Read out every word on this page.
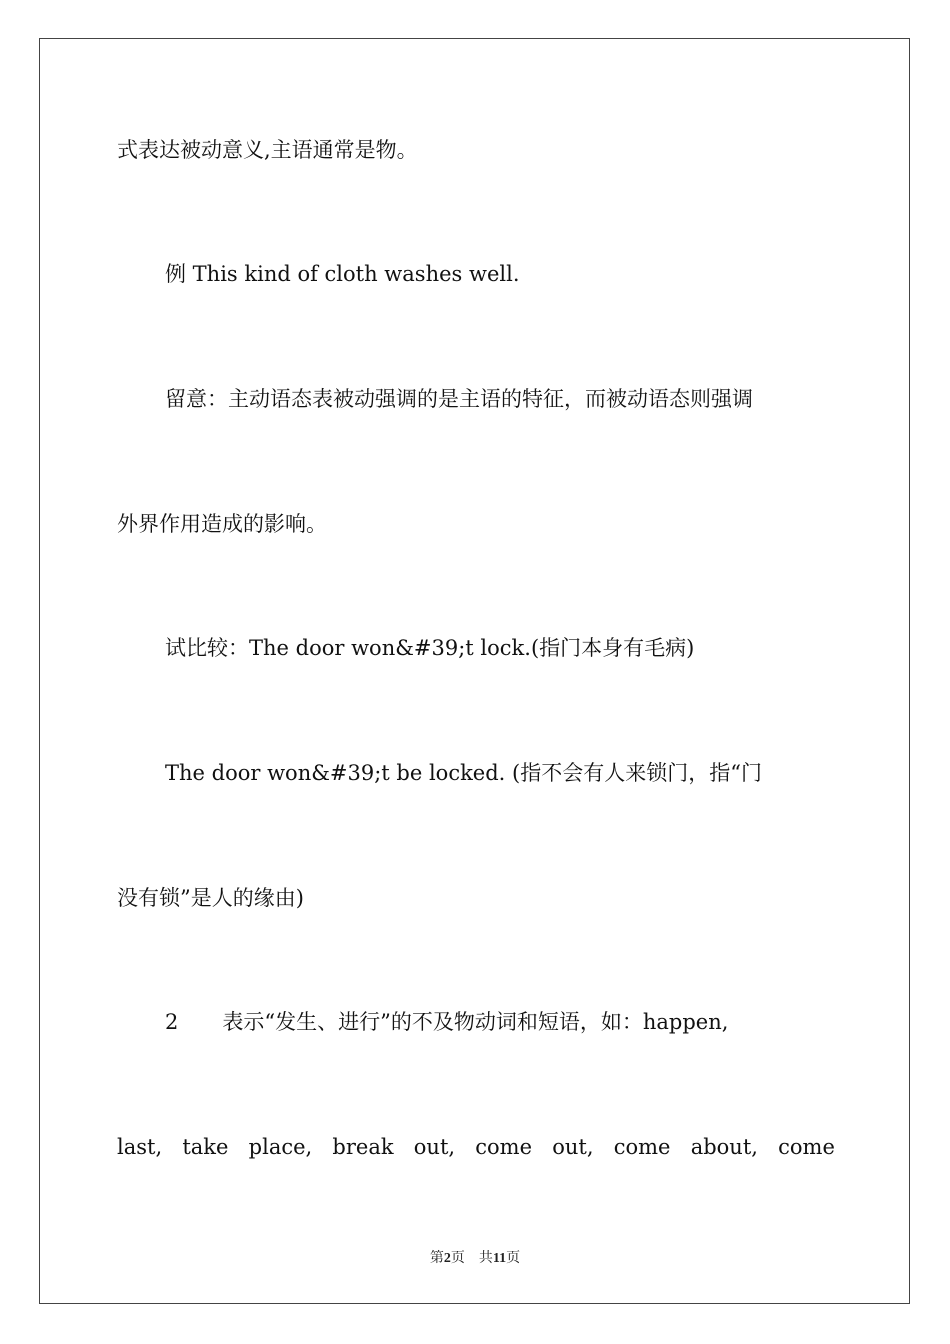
式表达被动意义,主语通常是物。
例 This kind of cloth washes well.
留意：主动语态表被动强调的是主语的特征，而被动语态则强调
外界作用造成的影响。
试比较：The door won&#39;t lock.(指门本身有毛病)
The door won&#39;t be locked. (指不会有人来锁门，指“门
没有锁”是人的缘由)
2 表示“发生、进行”的不及物动词和短语，如：happen,
last, take place, break out, come out, come about, come
第2页 共11页
